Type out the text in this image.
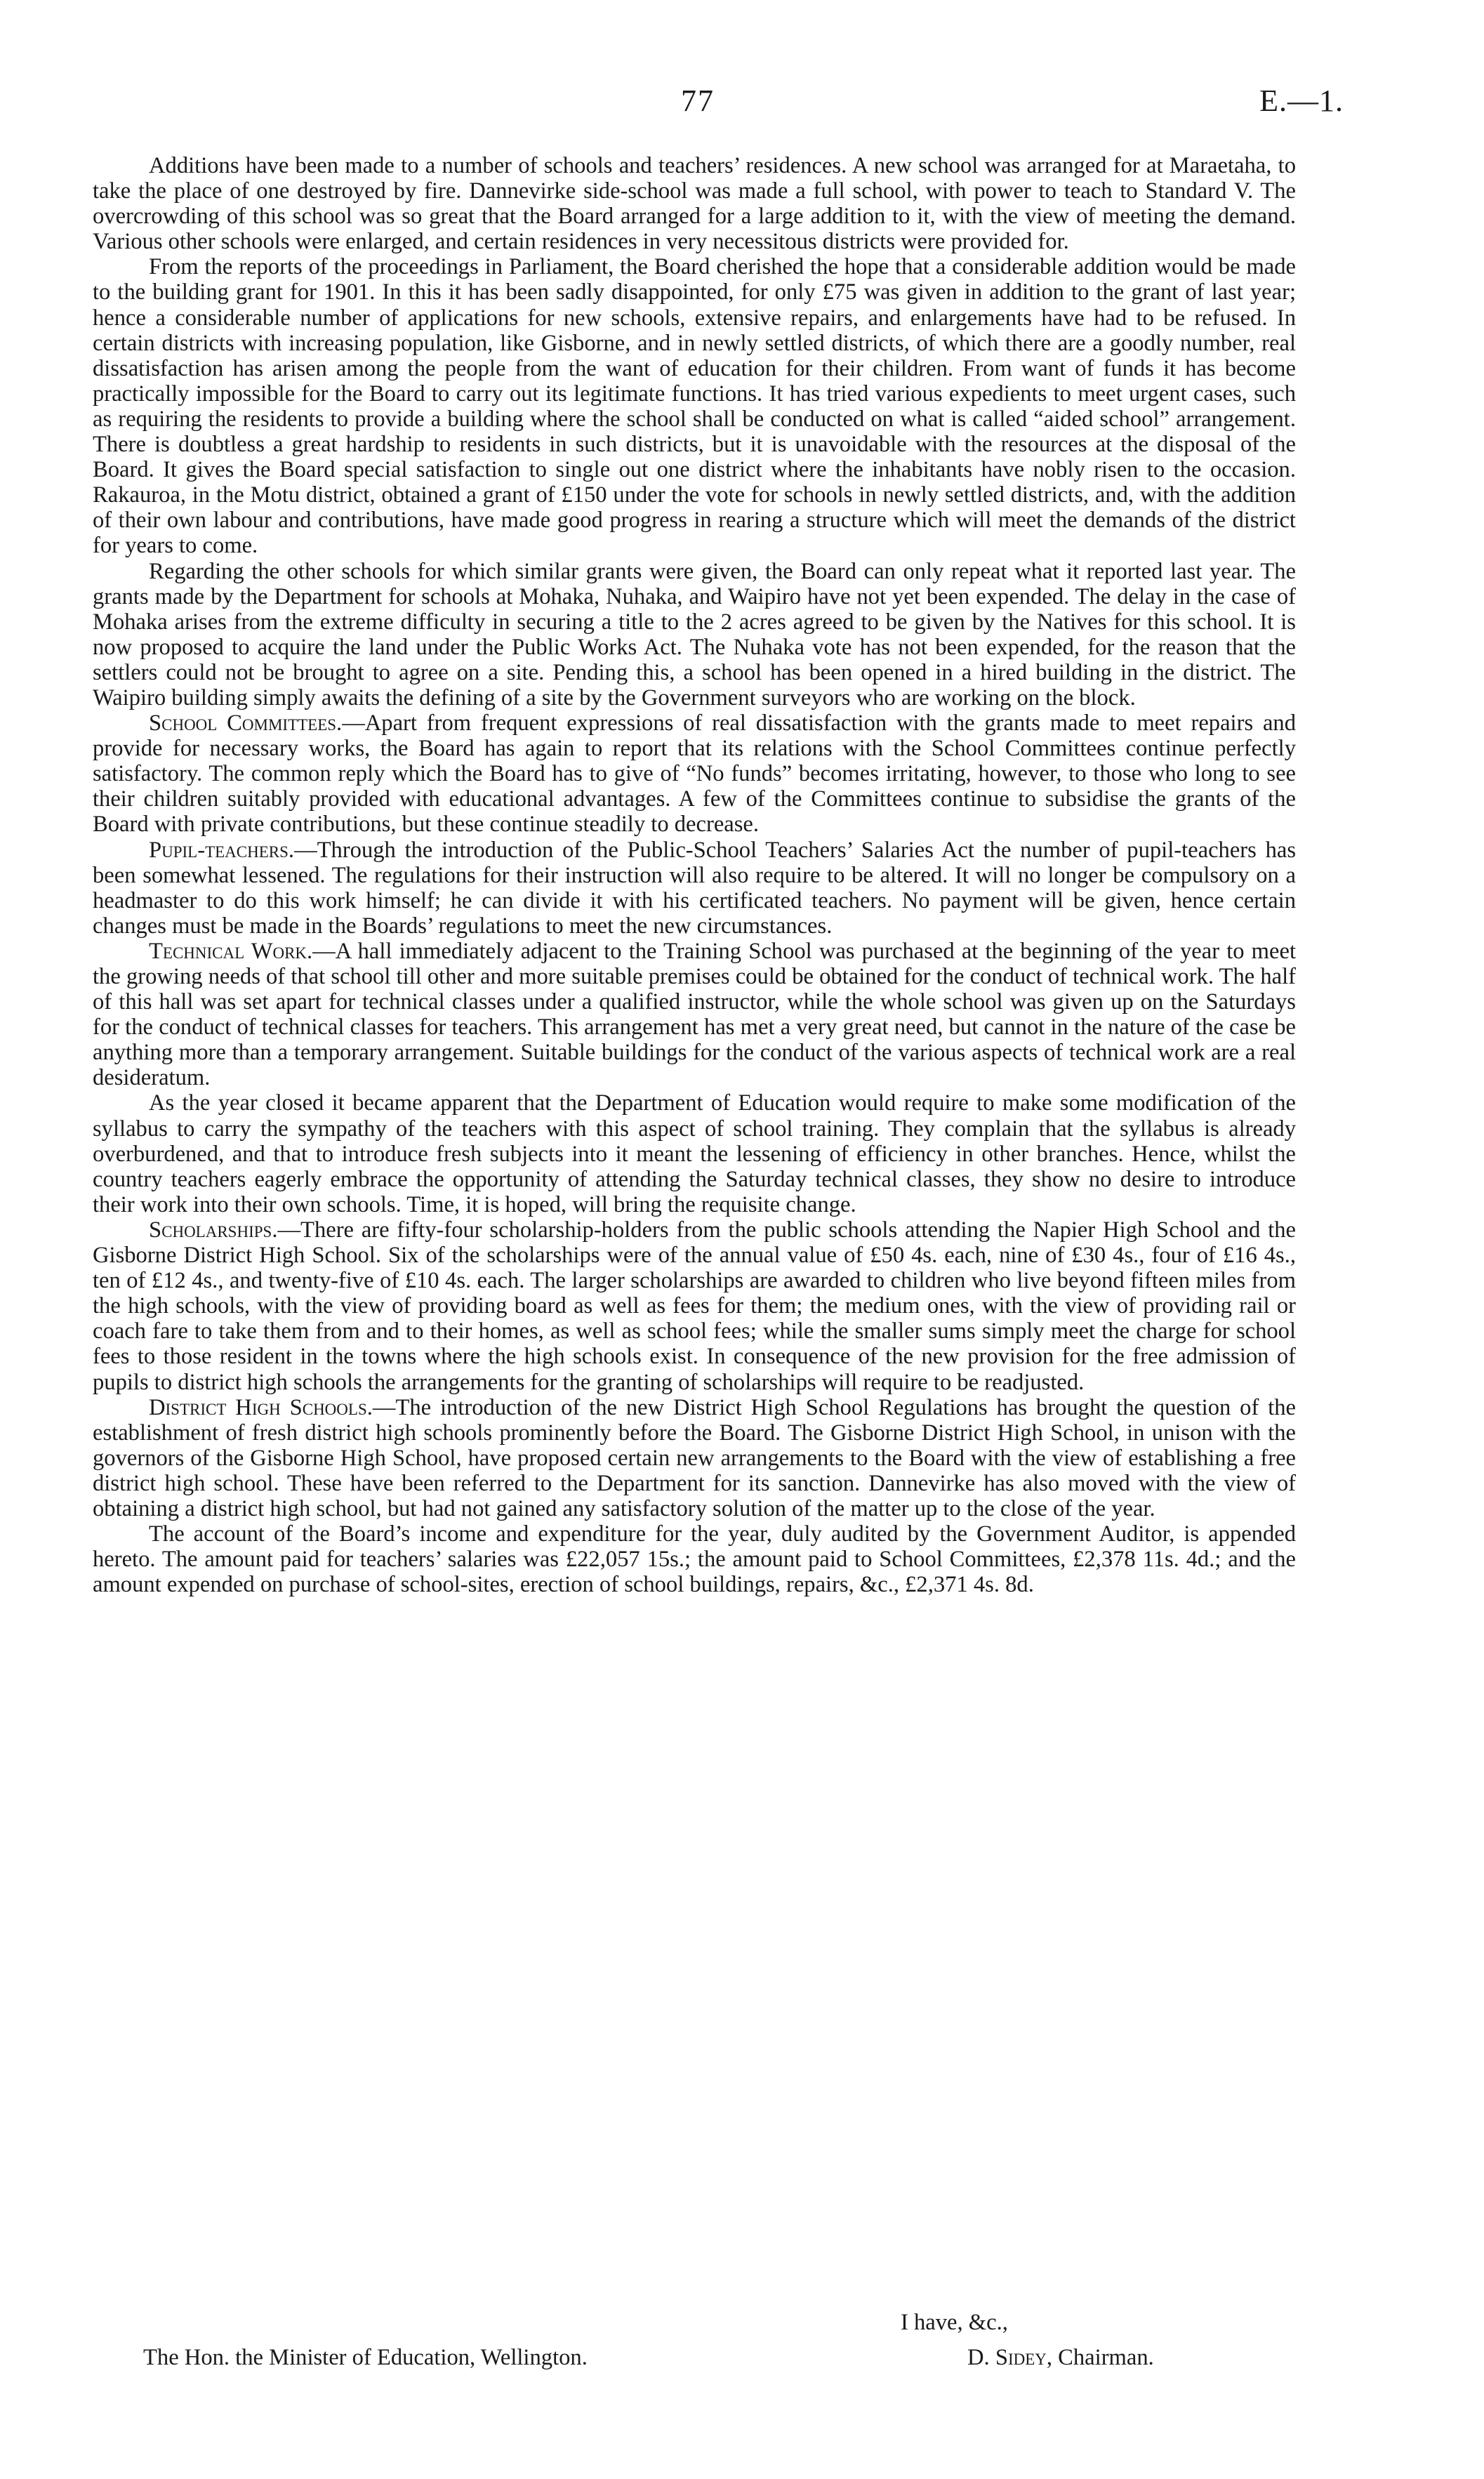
77	E.—1.

Additions have been made to a number of schools and teachers’ residences. A new school was arranged for at Maraetaha, to take the place of one destroyed by fire. Dannevirke side-school was made a full school, with power to teach to Standard V. The overcrowding of this school was so great that the Board arranged for a large addition to it, with the view of meeting the demand. Various other schools were enlarged, and certain residences in very necessitous districts were provided for.

From the reports of the proceedings in Parliament, the Board cherished the hope that a considerable addition would be made to the building grant for 1901. In this it has been sadly disappointed, for only £75 was given in addition to the grant of last year; hence a considerable number of applications for new schools, extensive repairs, and enlargements have had to be refused. In certain districts with increasing population, like Gisborne, and in newly settled districts, of which there are a goodly number, real dissatisfaction has arisen among the people from the want of education for their children. From want of funds it has become practically impossible for the Board to carry out its legitimate functions. It has tried various expedients to meet urgent cases, such as requiring the residents to provide a building where the school shall be conducted on what is called “aided school” arrangement. There is doubtless a great hardship to residents in such districts, but it is unavoidable with the resources at the disposal of the Board. It gives the Board special satisfaction to single out one district where the inhabitants have nobly risen to the occasion. Rakauroa, in the Motu district, obtained a grant of £150 under the vote for schools in newly settled districts, and, with the addition of their own labour and contributions, have made good progress in rearing a structure which will meet the demands of the district for years to come.

Regarding the other schools for which similar grants were given, the Board can only repeat what it reported last year. The grants made by the Department for schools at Mohaka, Nuhaka, and Waipiro have not yet been expended. The delay in the case of Mohaka arises from the extreme difficulty in securing a title to the 2 acres agreed to be given by the Natives for this school. It is now proposed to acquire the land under the Public Works Act. The Nuhaka vote has not been expended, for the reason that the settlers could not be brought to agree on a site. Pending this, a school has been opened in a hired building in the district. The Waipiro building simply awaits the defining of a site by the Government surveyors who are working on the block.

School Committees.—Apart from frequent expressions of real dissatisfaction with the grants made to meet repairs and provide for necessary works, the Board has again to report that its relations with the School Committees continue perfectly satisfactory. The common reply which the Board has to give of “No funds” becomes irritating, however, to those who long to see their children suitably provided with educational advantages. A few of the Committees continue to subsidise the grants of the Board with private contributions, but these continue steadily to decrease.

Pupil-teachers.—Through the introduction of the Public-School Teachers’ Salaries Act the number of pupil-teachers has been somewhat lessened. The regulations for their instruction will also require to be altered. It will no longer be compulsory on a headmaster to do this work himself; he can divide it with his certificated teachers. No payment will be given, hence certain changes must be made in the Boards’ regulations to meet the new circumstances.

Technical Work.—A hall immediately adjacent to the Training School was purchased at the beginning of the year to meet the growing needs of that school till other and more suitable premises could be obtained for the conduct of technical work. The half of this hall was set apart for technical classes under a qualified instructor, while the whole school was given up on the Saturdays for the conduct of technical classes for teachers. This arrangement has met a very great need, but cannot in the nature of the case be anything more than a temporary arrangement. Suitable buildings for the conduct of the various aspects of technical work are a real desideratum.

As the year closed it became apparent that the Department of Education would require to make some modification of the syllabus to carry the sympathy of the teachers with this aspect of school training. They complain that the syllabus is already overburdened, and that to introduce fresh subjects into it meant the lessening of efficiency in other branches. Hence, whilst the country teachers eagerly embrace the opportunity of attending the Saturday technical classes, they show no desire to introduce their work into their own schools. Time, it is hoped, will bring the requisite change.

Scholarships.—There are fifty-four scholarship-holders from the public schools attending the Napier High School and the Gisborne District High School. Six of the scholarships were of the annual value of £50 4s. each, nine of £30 4s., four of £16 4s., ten of £12 4s., and twenty-five of £10 4s. each. The larger scholarships are awarded to children who live beyond fifteen miles from the high schools, with the view of providing board as well as fees for them; the medium ones, with the view of providing rail or coach fare to take them from and to their homes, as well as school fees; while the smaller sums simply meet the charge for school fees to those resident in the towns where the high schools exist. In consequence of the new provision for the free admission of pupils to district high schools the arrangements for the granting of scholarships will require to be readjusted.

District High Schools.—The introduction of the new District High School Regulations has brought the question of the establishment of fresh district high schools prominently before the Board. The Gisborne District High School, in unison with the governors of the Gisborne High School, have proposed certain new arrangements to the Board with the view of establishing a free district high school. These have been referred to the Department for its sanction. Dannevirke has also moved with the view of obtaining a district high school, but had not gained any satisfactory solution of the matter up to the close of the year.

The account of the Board’s income and expenditure for the year, duly audited by the Government Auditor, is appended hereto. The amount paid for teachers’ salaries was £22,057 15s.; the amount paid to School Committees, £2,378 11s. 4d.; and the amount expended on purchase of school-sites, erection of school buildings, repairs, &c., £2,371 4s. 8d.

I have, &c.,
The Hon. the Minister of Education, Wellington.	D. Sidey, Chairman.
